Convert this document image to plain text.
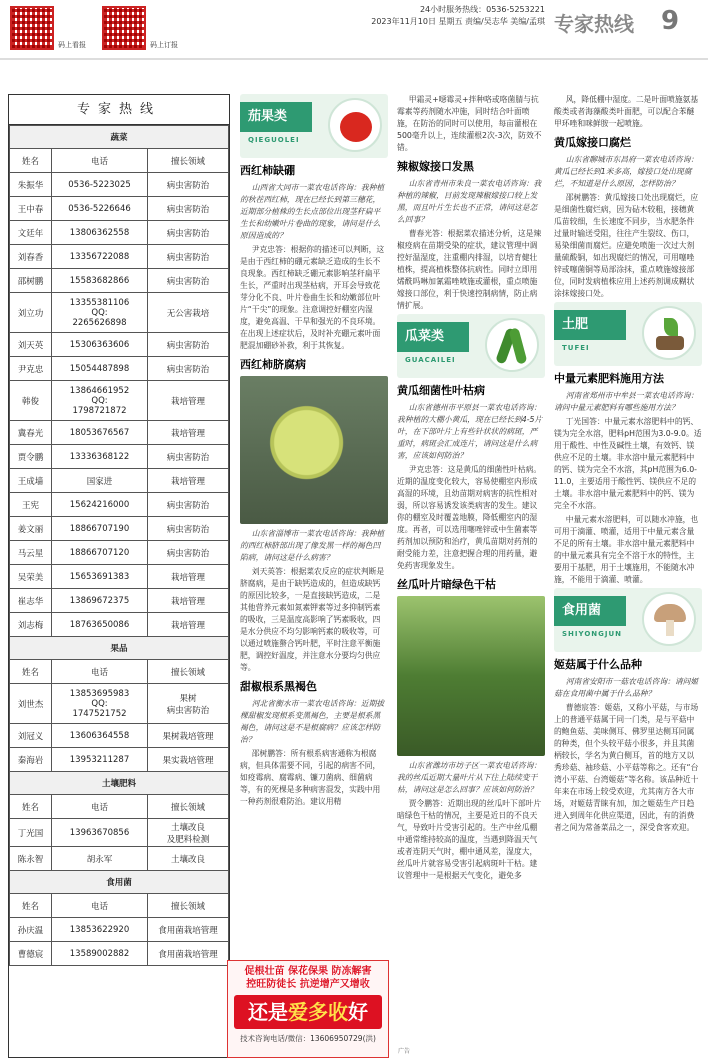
码上看报	码上订报
24小时服务热线：0536-5253221
2023年11月10日 星期五 责编/吴志华 美编/孟琪 专家热线	9
专家热线
蔬菜		
姓名	电话	擅长领域
朱振华	0536-5223025	病虫害防治
王中春	0536-5226646	病虫害防治
文廷年	13806362558	病虫害防治
刘春香	13356722088	病虫害防治
邵树鹏	15583682866	病虫害防治
刘立功	13355381106
QQ:
2265626898	无公害栽培
刘天英	15306363606	病虫害防治
尹克忠	15054487898	病虫害防治
韩俊	13864661952
QQ:
1798721872	栽培管理
冀春光	18053676567	栽培管理
贾令鹏	13336368122	病虫害防治
王成墙	国家进	栽培管理
王宪	15624216000	病虫害防治
姜文丽	18866707190	病虫害防治
马云星	18866707120	病虫害防治
吴荣美	15653691383	栽培管理
崔志华	13869672375	栽培管理
刘志梅	18763650086	栽培管理
果品		
姓名	电话	擅长领域
刘世杰	13853695983
QQ:
1747521752	果树
病虫害防治
刘冠义	13606364558	果树栽培管理
秦海岩	13953211287	果实栽培管理
土壤肥料		
姓名	电话	擅长领域
丁光国	13963670856	土壤改良
及肥料检测
陈永智	胡永军	土壤改良
食用菌		
姓名	电话	擅长领域
孙庆温	13853622920	食用菌栽培管理
曹德宸	13589002882	食用菌栽培管理
茄果类
QIEGUOLEI
西红柿缺硼
山西省大同市一菜农电话咨询：我种植的秋茬西红柿，现在已经长到第三穗花，近期部分植株的生长点部位出现茎秆扁平生长和幼嫩叶片卷曲的现象，请问是什么原因造成的？
尹克忠答：根据你的描述可以判断，这是由于西红柿的硼元素缺乏造成的生长不良现象。西红柿缺乏硼元素影响茎秆扁平生长，严重时出现茎枯病，开耳会导致花芽分化不良、叶片卷曲生长和幼嫩部位叶片“干尖”的现象。注意调控好棚室内湿度，避免高温、干旱和强光的不良环境。在出现上述症状后，及时补充硼元素叶面肥混加硼砂补救，利于其恢复。
西红柿脐腐病
山东省淄博市一菜农电话咨询：我种植的西红柿脐部出现了像发黑一样的褐色凹陷病，请问这是什么病害？
刘天英答：根据菜农反应的症状判断是脐腐病，是由于缺钙造成的，但造成缺钙的原因比较多，一是直接缺钙造成，二是其他营养元素如氮素钾素等过多抑制钙素的吸收，三是温度高影响了钙素吸收，四是水分供应不均匀影响钙素的吸收等，可以通过喷施螯合钙叶肥，平时注意平衡施肥，调控好温度，并注意水分要均匀供应等。
甜椒根系黑褐色
河北省衡水市一菜农电话咨询：近期拔棵甜椒发现根系变黑褐色，主要是根系黑褐色，请问这是不是根腐病？应该怎样防治？
邵树鹏答：所有根系病害通称为根腐病，但具体需要不同，引起的病害不同，如疫霉病、腐霉病、镰刀菌病、细菌病等，有的死棵是多种病害混发，实践中用一种药剂很难防治。建议用精
甲霜灵+噁霉灵+拌种咯或咯菌腈与抗霉素等药剂随水冲施，同时结合叶面喷施，在防治的同时可以使用，每亩灌根在500毫升以上，连续灌根2次-3次，防效不错。
辣椒嫁接口发黑
山东省青州市朱良一菜农电话咨询：我种植的辣椒，目前发现辣椒嫁接口较上发黑，而且叶片生长也不正常，请问这是怎么回事？
曹春光答：根据菜农描述分析，这是辣椒疫病在苗期受染的症状，建议管理中调控好温湿度，注重棚内排湿，以培育健壮植株，提高植株整体抗病性。同时立即用烯酰吗啉加氰霜唑喷施或灌根，重点喷施嫁接口部位，利于快速控制病情，防止病情扩展。
瓜菜类
GUACAILEI
黄瓜细菌性叶枯病
山东省德州市平原县一菜农电话咨询：我种植的大棚小黄瓜，现在已经长到4-5片叶，在下部叶片上有些针状状的病斑，严重时，病斑会汇成连片，请问这是什么病害，应该如何防治？
尹克忠答：这是黄瓜的细菌性叶枯病。近期的温度变化较大，容易使棚室内形成高湿的环境，且幼苗期对病害的抗性相对弱，所以容易诱发该类病害的发生。建议你的棚室及时覆盖地膜，降低棚室内的湿度。再者，可以选用噻唑锌或中生菌素等药剂加以预防和治疗，黄瓜苗期对药剂的耐受能力差，注意把握合理的用药量，避免药害现象发生。
丝瓜叶片暗绿色干枯
山东省潍坊市坊子区一菜农电话咨询：我的丝瓜近期大量叶片从下往上陆续变干枯，请问这是怎么回事？应该如何防治？
贾令鹏答：近期出现的丝瓜叶下部叶片暗绿色干枯的情况，主要是近日的不良天气，导致叶片受害引起的。生产中丝瓜棚中通常维持较高的温度，当遇到降温天气或者连阴天气时，棚中通风差，湿度大，丝瓜叶片就容易受害引起病斑叶干枯。建议管理中一是根据天气变化，避免多
风，降低棚中湿度。二是叶面喷施氨基酸类或者海藻酸类叶面肥，可以配合苯醚甲环唑和咪鲜胺一起喷施。
黄瓜嫁接口腐烂
山东省聊城市东昌府一菜农电话咨询：黄瓜已经长到1米多高，嫁接口处出现腐烂，不知道是什么原因，怎样防治？
邵树鹏答：黄瓜嫁接口处出现腐烂，应是细菌性腐烂病，因为砧木较粗，接穗黄瓜苗较细，生长速度不同步，当水肥条件过量时输送受阻，往往产生裂纹、伤口，易染细菌而腐烂。应避免喷施一次过大剂量硫酸铜，如出现腐烂的情况，可用噻唑锌或噻菌铜等局部涂抹，重点喷施嫁接部位，同时发病植株应用上述药剂调成糊状涂抹嫁接口处。
土肥
TUFEI
中量元素肥料施用方法
河南省郑州市中牟县一菜农电话咨询：请问中量元素肥料有哪些施用方法？
丁光国答：中量元素水溶肥料中的钙、镁为完全水溶，肥料pH范围为3.0-9.0。适用于酸性、中性及碱性土壤，有效钙、镁供应不足的土壤。非水溶中量元素肥料中的钙、镁为完全不水溶，其pH范围为6.0-11.0，主要适用于酸性钙、镁供应不足的土壤。非水溶中量元素肥料中的钙、镁为完全不水溶。
中量元素水溶肥料，可以随水冲施，也可用于滴灌、喷灌，适用于中量元素含量不足的所有土壤。非水溶中量元素肥料中的中量元素具有完全不溶于水的特性，主要用于基肥，用于土壤施用，不能随水冲施，不能用于滴灌、喷灌。
食用菌
SHIYONGJUN
姬菇属于什么品种
河南省安阳市一菇农电话咨询：请问姬菇在食用菌中属于什么品种？
曹德宸答：姬菇，又称小平菇，与市场上的普通平菇属于同一门类，是与平菇中的鲍鱼菇、美味侧耳、佛罗里达侧耳同属的种类，但个头较平菇小很多，并且其菌柄较长，学名为黄白侧耳，首的地方又以秀珍菇、袖珍菇、小平菇等称之。还有“台湾小平菇、台湾姬菇”等名称。该品种近十年来在市场上较受欢迎，尤其南方各大市场，对姬菇青睐有加，加之姬菇生产日趋进入到周年化供应渠道，因此，有的消费者之间为常备菜品之一，深受食客欢迎。
促根壮苗 保花保果 防冻解害
控旺防徒长 抗逆增产又增收
还是爱多收好
技术咨询电话/微信：13606950729(洪)
广告
